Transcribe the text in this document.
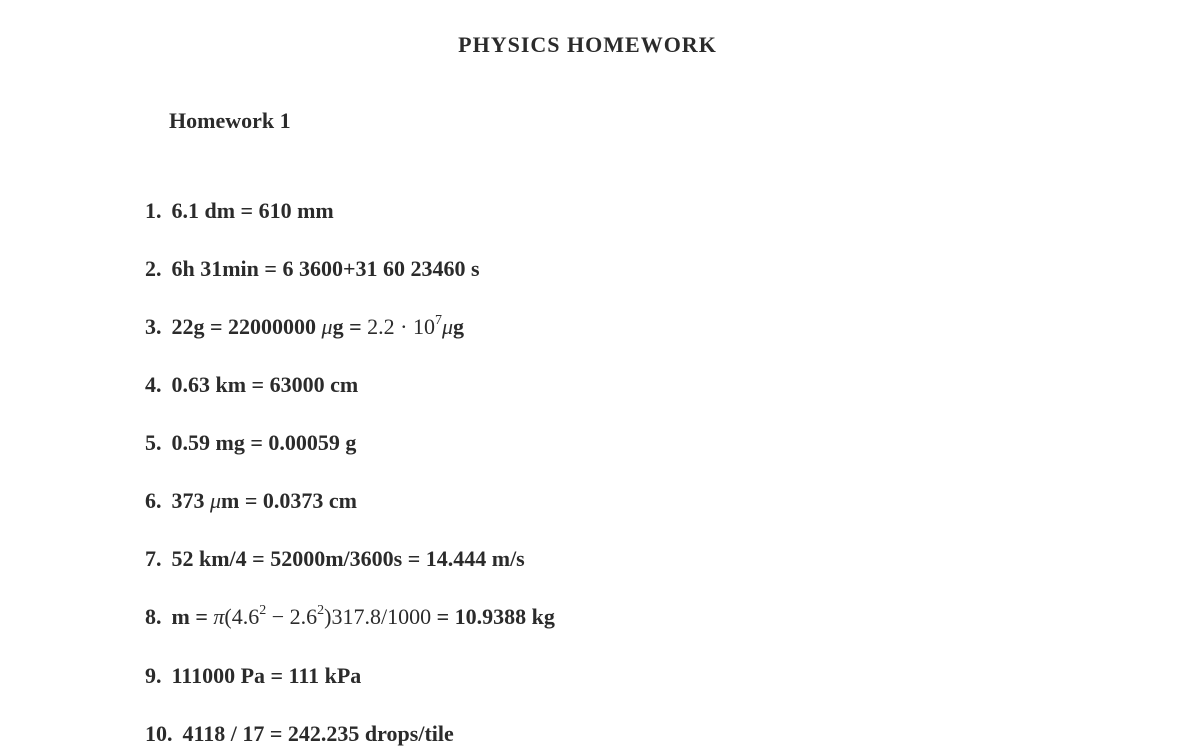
PHYSICS HOMEWORK
Homework 1
1. 6.1 dm = 610 mm
2. 6h 31min = 6 3600+31 60 23460 s
3. 22g = 22000000 $\mu g = 2.2 \cdot 10^7\mu g$
4. 0.63 km = 63000 cm
5. 0.59 mg = 0.00059 g
6. 373 μm = 0.0373 cm
7. 52 km/4 = 52000m/3600s = 14.444 m/s
8. $m = \pi(4.6^2 - 2.6^2)317.8/1000 = 10.9388$ kg
9. 111000 Pa = 111 kPa
10. 4118 / 17 = 242.235 drops/tile
